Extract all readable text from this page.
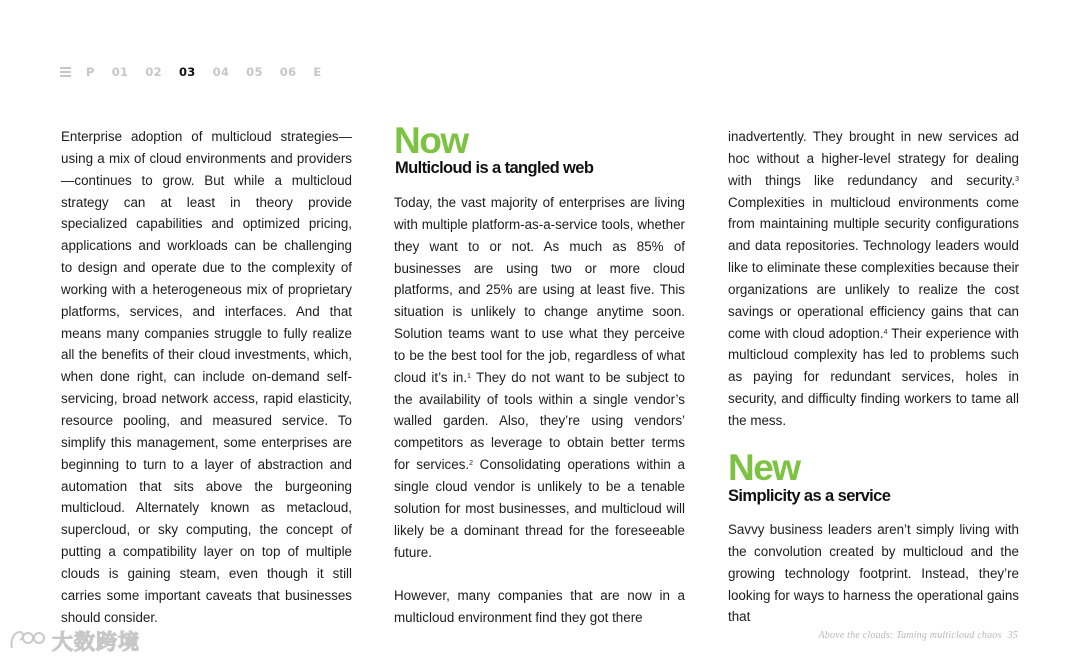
P 01 02 03 04 05 06 E

Enterprise adoption of multicloud strategies—using a mix of cloud environments and providers—continues to grow. But while a multicloud strategy can at least in theory provide specialized capabilities and optimized pricing, applications and workloads can be challenging to design and operate due to the complexity of working with a heterogeneous mix of proprietary platforms, services, and interfaces. And that means many companies struggle to fully realize all the benefits of their cloud investments, which, when done right, can include on-demand self-servicing, broad network access, rapid elasticity, resource pooling, and measured service. To simplify this management, some enterprises are beginning to turn to a layer of abstraction and automation that sits above the burgeoning multicloud. Alternately known as metacloud, supercloud, or sky computing, the concept of putting a compatibility layer on top of multiple clouds is gaining steam, even though it still carries some important caveats that businesses should consider.

Now
Multicloud is a tangled web

Today, the vast majority of enterprises are living with multiple platform-as-a-service tools, whether they want to or not. As much as 85% of businesses are using two or more cloud platforms, and 25% are using at least five. This situation is unlikely to change anytime soon. Solution teams want to use what they perceive to be the best tool for the job, regardless of what cloud it’s in.$^1$ They do not want to be subject to the availability of tools within a single vendor’s walled garden. Also, they’re using vendors’ competitors as leverage to obtain better terms for services.$^2$ Consolidating operations within a single cloud vendor is unlikely to be a tenable solution for most businesses, and multicloud will likely be a dominant thread for the foreseeable future.

However, many companies that are now in a multicloud environment find they got there

inadvertently. They brought in new services ad hoc without a higher-level strategy for dealing with things like redundancy and security.$^3$ Complexities in multicloud environments come from maintaining multiple security configurations and data repositories. Technology leaders would like to eliminate these complexities because their organizations are unlikely to realize the cost savings or operational efficiency gains that can come with cloud adoption.$^4$ Their experience with multicloud complexity has led to problems such as paying for redundant services, holes in security, and difficulty finding workers to tame all the mess.

New
Simplicity as a service

Savvy business leaders aren’t simply living with the convolution created by multicloud and the growing technology footprint. Instead, they’re looking for ways to harness the operational gains that

Above the clouds: Taming multicloud chaos 35
大数跨境
